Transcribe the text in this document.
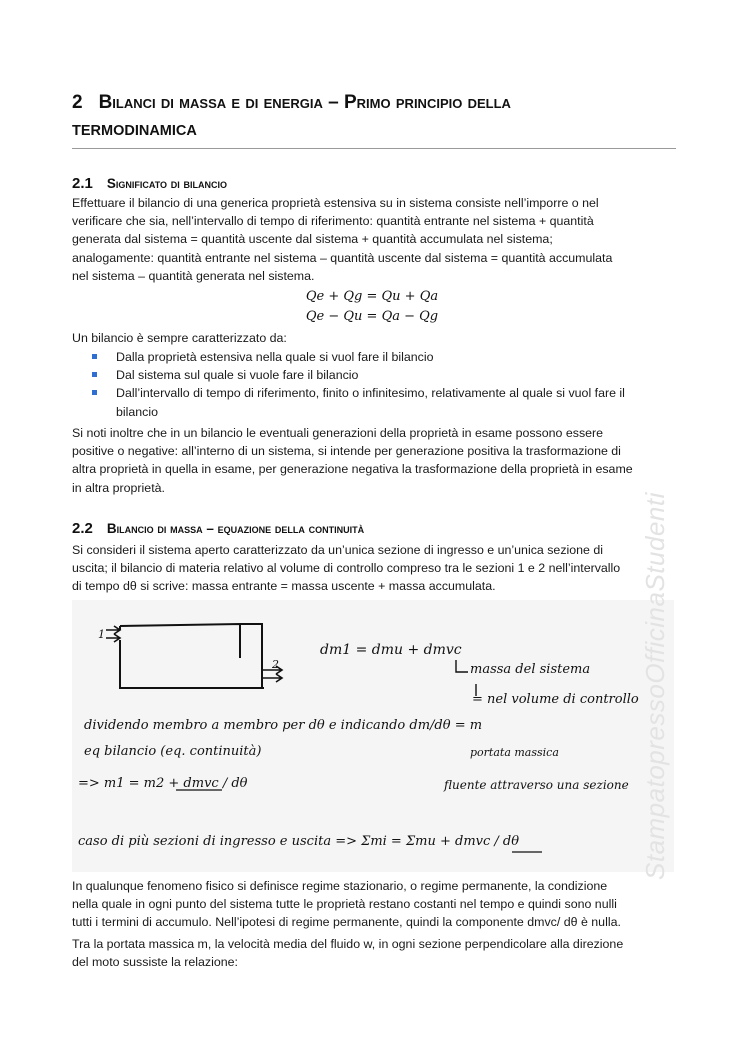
2 Bilanci di massa e di energia – Primo principio della
TERMODINAMICA
2.1 Significato di bilancio

Effettuare il bilancio di una generica proprietà estensiva su in sistema consiste nell’imporre o nel

verificare che sia, nell’intervallo di tempo di riferimento: quantità entrante nel sistema + quantità

generata dal sistema = quantità uscente dal sistema + quantità accumulata nel sistema;

analogamente: quantità entrante nel sistema – quantità uscente dal sistema = quantità accumulata

nel sistema – quantità generata nel sistema.

Qe + Qg = Qu + Qa
Qe − Qu = Qa − Qg

Un bilancio è sempre caratterizzato da:

Dalla proprietà estensiva nella quale si vuol fare il bilancio

Dal sistema sul quale si vuole fare il bilancio

Dall’intervallo di tempo di riferimento, finito o infinitesimo, relativamente al quale si vuol fare il

bilancio

Si noti inoltre che in un bilancio le eventuali generazioni della proprietà in esame possono essere

positive o negative: all’interno di un sistema, si intende per generazione positiva la trasformazione di

altra proprietà in quella in esame, per generazione negativa la trasformazione della proprietà in esame

in altra proprietà.

2.2 Bilancio di massa – equazione della continuità

Si consideri il sistema aperto caratterizzato da un’unica sezione di ingresso e un’unica sezione di

uscita; il bilancio di materia relativo al volume di controllo compreso tra le sezioni 1 e 2 nell’intervallo

di tempo dθ si scrive: massa entrante = massa uscente + massa accumulata.

1
2
dm1 = dmu + dmvc
massa del sistema
= nel volume di controllo
dividendo membro a membro per dθ e indicando dm/dθ = m
eq bilancio (eq. continuità)	portata massica
=> m1 = m2 + dmvc / dθ	fluente attraverso una sezione
caso di più sezioni di ingresso e uscita => Σmi = Σmu + dmvc / dθ	StampatopressoOfficinaStudenti

In qualunque fenomeno fisico si definisce regime stazionario, o regime permanente, la condizione

nella quale in ogni punto del sistema tutte le proprietà restano costanti nel tempo e quindi sono nulli

tutti i termini di accumulo. Nell’ipotesi di regime permanente, quindi la componente dmvc/ dθ è nulla.

Tra la portata massica m, la velocità media del fluido w, in ogni sezione perpendicolare alla direzione

del moto sussiste la relazione:
